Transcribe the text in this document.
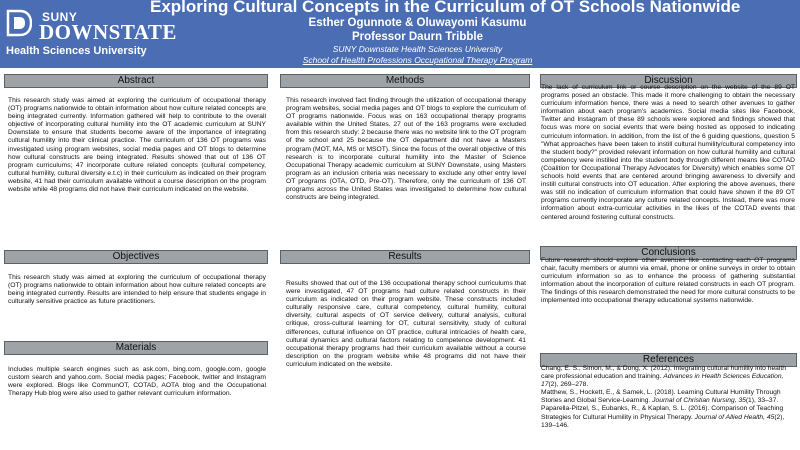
SUNY
DOWNSTATE
Health Sciences University
Exploring Cultural Concepts in the Curriculum of OT Schools Nationwide
Esther Ogunnote & Oluwayomi Kasumu
Professor Daurn Tribble
SUNY Downstate Health Sciences University
School of Health Professions Occupational Therapy Program
Abstract
This research study was aimed at exploring the curriculum of occupational therapy (OT) programs nationwide to obtain information about how culture related concepts are being integrated currently. Information gathered will help to contribute to the overall objective of incorporating cultural humility into the OT academic curriculum at SUNY Downstate to ensure that students become aware of the importance of integrating cultural humility into their clinical practice. The curriculum of 136 OT programs was investigated using program websites, social media pages and OT blogs to determine how cultural constructs are being integrated. Results showed that out of 136 OT program curriculums; 47 incorporate culture related concepts (cultural competency, cultural humility, cultural diversity e.t.c) in their curriculum as indicated on their program website, 41 had their curriculum available without a course description on the program website while 48 programs did not have their curriculum indicated on the website.
Objectives
This research study was aimed at exploring the curriculum of occupational therapy (OT) programs nationwide to obtain information about how culture related concepts are being integrated currently. Results are intended to help ensure that students engage in culturally sensitive practice as future practitioners.
Materials
Includes multiple search engines such as ask.com, bing.com, google.com, google custom search and yahoo.com. Social media pages; Facebook, twitter and Instagram were explored. Blogs like CommunOT, COTAD, AOTA blog and the Occupational Therapy Hub blog were also used to gather relevant curriculum information.
Methods
This research involved fact finding through the utilization of occupational therapy program websites, social media pages and OT blogs to explore the curriculum of OT programs nationwide. Focus was on 163 occupational therapy programs available within the United States. 27 out of the 163 programs were excluded from this research study: 2 because there was no website link to the OT program of the school and 25 because the OT department did not have a Masters program (MOT, MA, MS or MSOT). Since the focus of the overall objective of this research is to incorporate cultural humility into the Master of Science Occupational Therapy academic curriculum at SUNY Downstate, using Masters program as an inclusion criteria was necessary to exclude any other entry level OT programs (OTA, OTD, Pre-OT). Therefore, only the curriculum of 136 OT programs across the United States was investigated to determine how cultural constructs are being integrated.
Results
Results showed that out of the 136 occupational therapy school curriculums that were investigated, 47 OT programs had culture related constructs in their curriculum as indicated on their program website. These constructs included culturally responsive care, cultural competency, cultural humility, cultural diversity, cultural aspects of OT service delivery, cultural analysis, cultural critique, cross-cultural learning for OT, cultural sensitivity, study of cultural differences, cultural influence on OT practice, cultural intricacies of health care, cultural dynamics and cultural factors relating to competence development. 41 occupational therapy programs had their curriculum available without a course description on the program website while 48 programs did not have their curriculum indicated on the website.
Discussion
The lack of curriculum link or course description on the website of the 89 OT programs posed an obstacle. This made it more challenging to obtain the necessary curriculum information hence, there was a need to search other avenues to gather information about each program's academics. Social media sites like Facebook, Twitter and Instagram of these 89 schools were explored and findings showed that focus was more on social events that were being hosted as opposed to indicating curriculum information. In addition, from the list of the 6 guiding questions, question 5 "What approaches have been taken to instill cultural humility/cultural competency into the student body?" provided relevant information on how cultural humility and cultural competency were instilled into the student body through different means like COTAD (Coalition for Occupational Therapy Advocates for Diversity) which enables some OT schools hold events that are centered around bringing awareness to diversify and instill cultural constructs into OT education. After exploring the above avenues, there was still no indication of curriculum information that could have shown if the 89 OT programs currently incorporate any culture related concepts. Instead, there was more information about extra-curricular activities in the likes of the COTAD events that centered around fostering cultural constructs.
Conclusions
Future research should explore other avenues like contacting each OT programs chair, faculty members or alumni via email, phone or online surveys in order to obtain curriculum information so as to enhance the process of gathering substantial information about the incorporation of culture related constructs in each OT program. The findings of this research demonstrated the need for more cultural constructs to be implemented into occupational therapy educational systems nationwide.
References
Chang, E. S., Simon, M., & Dong, X. (2012). Integrating cultural humility into health care professional education and training. Advances in Health Sciences Education, 17(2), 269–278.
Matthew, S., Hockett, E., & Samek, L. (2018). Learning Cultural Humility Through Stories and Global Service-Learning. Journal of Christian Nursing, 35(1), 33–37.
Paparella-Pitzel, S., Eubanks, R., & Kaplan, S. L. (2016). Comparison of Teaching Strategies for Cultural Humility in Physical Therapy. Journal of Allied Health, 45(2), 139–146.
